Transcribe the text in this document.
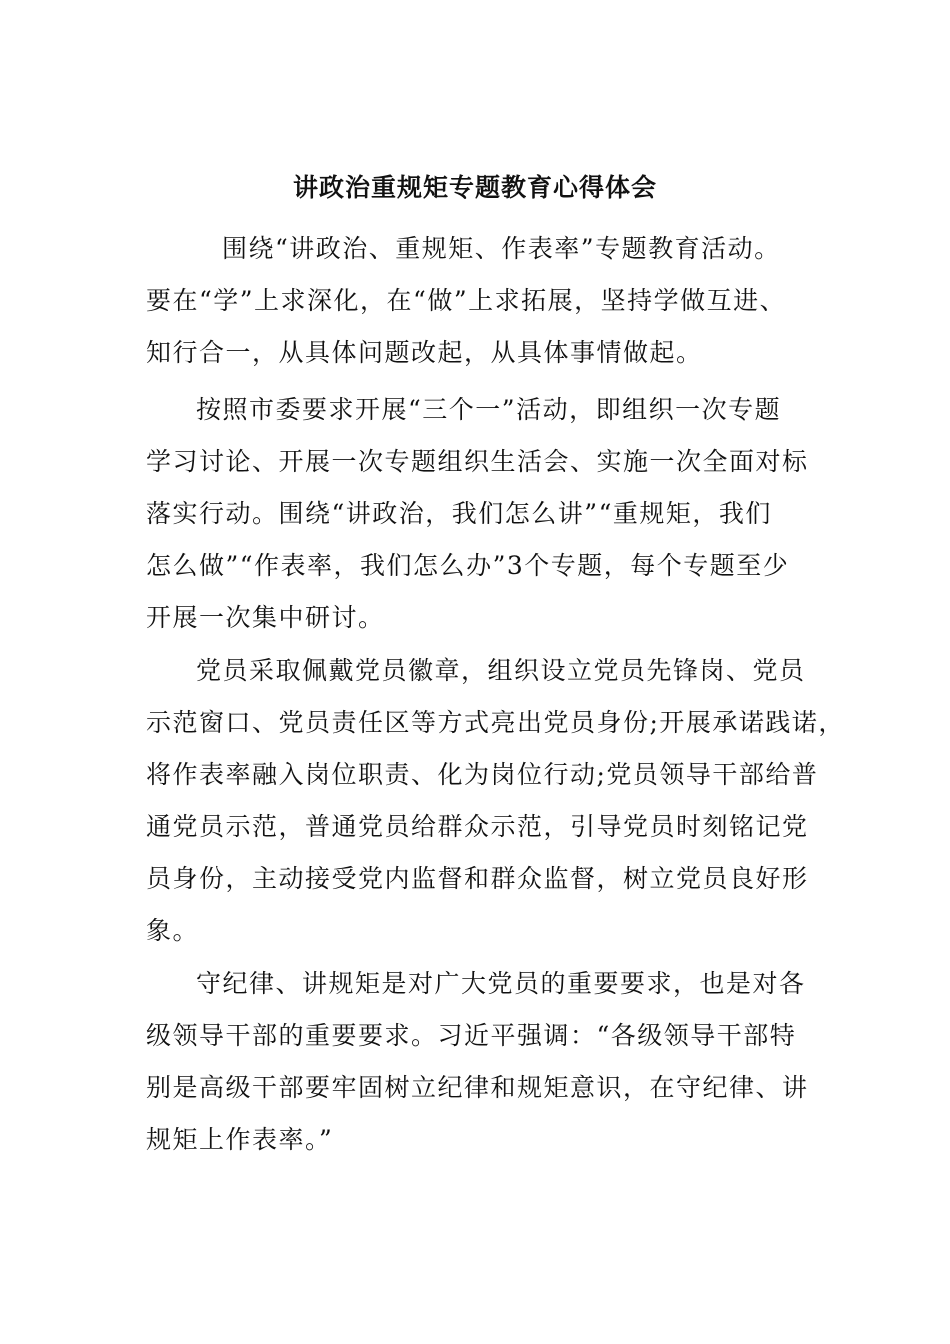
讲政治重规矩专题教育心得体会
围绕“讲政治、重规矩、作表率”专题教育活动。
要在“学”上求深化，在“做”上求拓展，坚持学做互进、
知行合一，从具体问题改起，从具体事情做起。
按照市委要求开展“三个一”活动，即组织一次专题
学习讨论、开展一次专题组织生活会、实施一次全面对标
落实行动。围绕“讲政治，我们怎么讲”“重规矩，我们
怎么做”“作表率，我们怎么办”3个专题，每个专题至少
开展一次集中研讨。
党员采取佩戴党员徽章，组织设立党员先锋岗、党员
示范窗口、党员责任区等方式亮出党员身份;开展承诺践诺，
将作表率融入岗位职责、化为岗位行动;党员领导干部给普
通党员示范，普通党员给群众示范，引导党员时刻铭记党
员身份，主动接受党内监督和群众监督，树立党员良好形
象。
守纪律、讲规矩是对广大党员的重要要求，也是对各
级领导干部的重要要求。习近平强调：“各级领导干部特
别是高级干部要牢固树立纪律和规矩意识，在守纪律、讲
规矩上作表率。”
